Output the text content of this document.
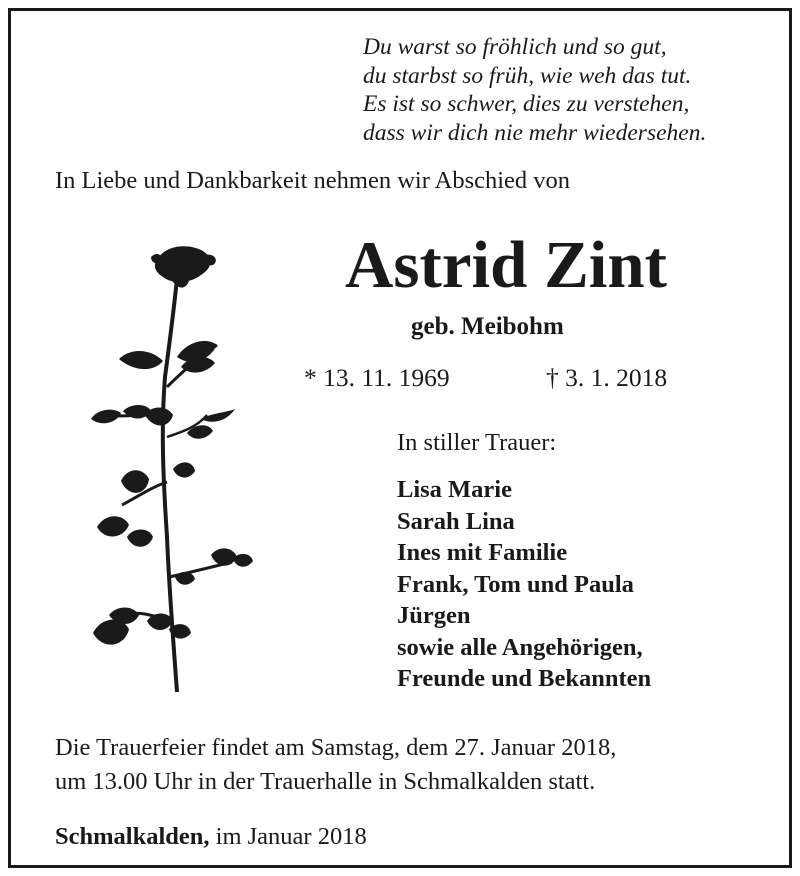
Du warst so fröhlich und so gut,
du starbst so früh, wie weh das tut.
Es ist so schwer, dies zu verstehen,
dass wir dich nie mehr wiedersehen.
In Liebe und Dankbarkeit nehmen wir Abschied von
Astrid Zint
geb. Meibohm
* 13. 11. 1969	† 3. 1. 2018
In stiller Trauer:
Lisa Marie
Sarah Lina
Ines mit Familie
Frank, Tom und Paula
Jürgen
sowie alle Angehörigen,
Freunde und Bekannten
Die Trauerfeier findet am Samstag, dem 27. Januar 2018,
um 13.00 Uhr in der Trauerhalle in Schmalkalden statt.
Schmalkalden, im Januar 2018
